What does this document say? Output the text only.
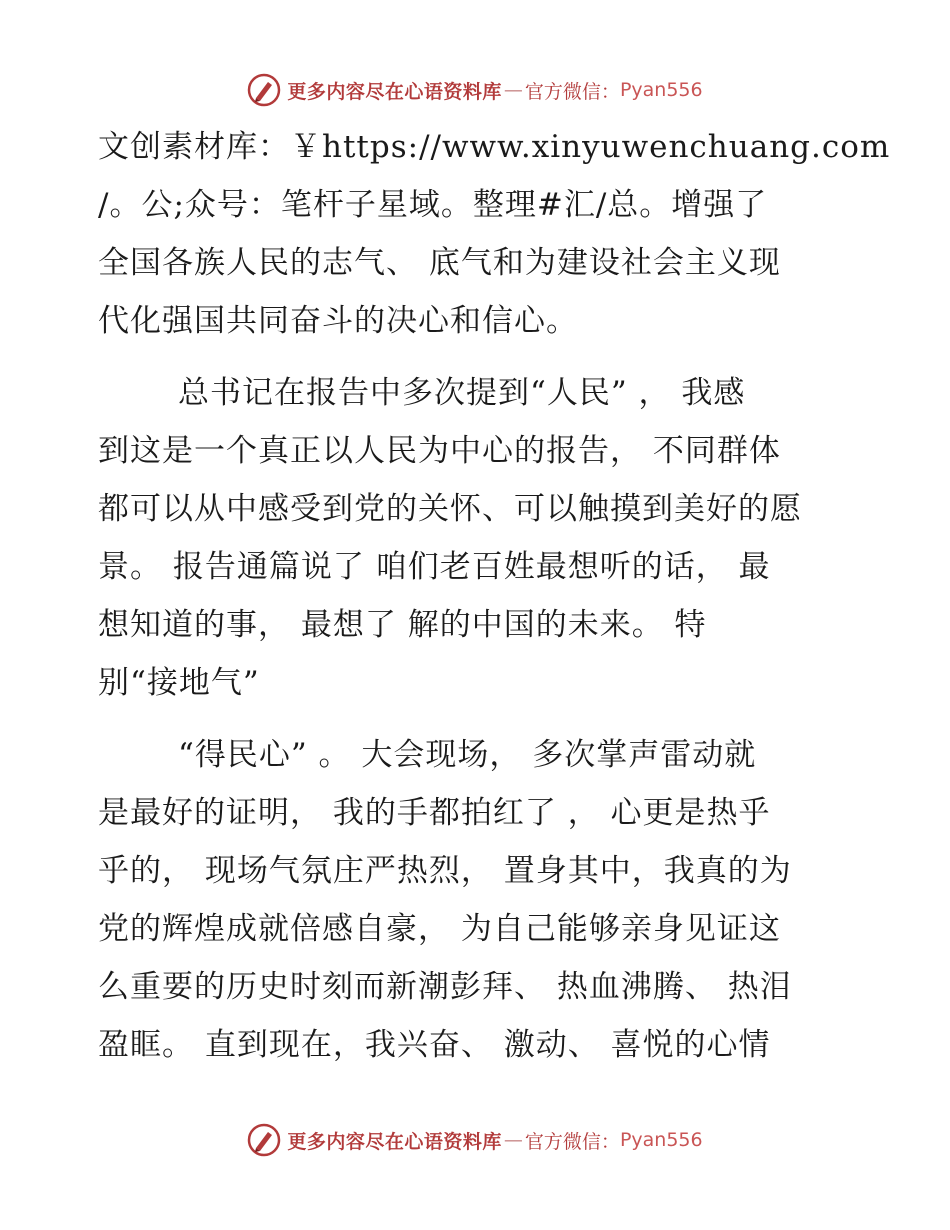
更多内容尽在心语资料库 — 官方微信： Pyan556
文创素材库：￥https://www.xinyuwenchuang.com
/。公;众号：笔杆子星域。整理#汇/总。增强了
全国各族人民的志气、 底气和为建设社会主义现
代化强国共同奋斗的决心和信心。
总书记在报告中多次提到“人民” ， 我感
到这是一个真正以人民为中心的报告， 不同群体
都可以从中感受到党的关怀、可以触摸到美好的愿
景。 报告通篇说了 咱们老百姓最想听的话， 最
想知道的事， 最想了 解的中国的未来。 特
别“接地气”
“得民心” 。 大会现场， 多次掌声雷动就
是最好的证明， 我的手都拍红了 ， 心更是热乎
乎的， 现场气氛庄严热烈， 置身其中，我真的为
党的辉煌成就倍感自豪， 为自己能够亲身见证这
么重要的历史时刻而新潮彭拜、 热血沸腾、 热泪
盈眶。 直到现在，我兴奋、 激动、 喜悦的心情
更多内容尽在心语资料库 — 官方微信： Pyan556
